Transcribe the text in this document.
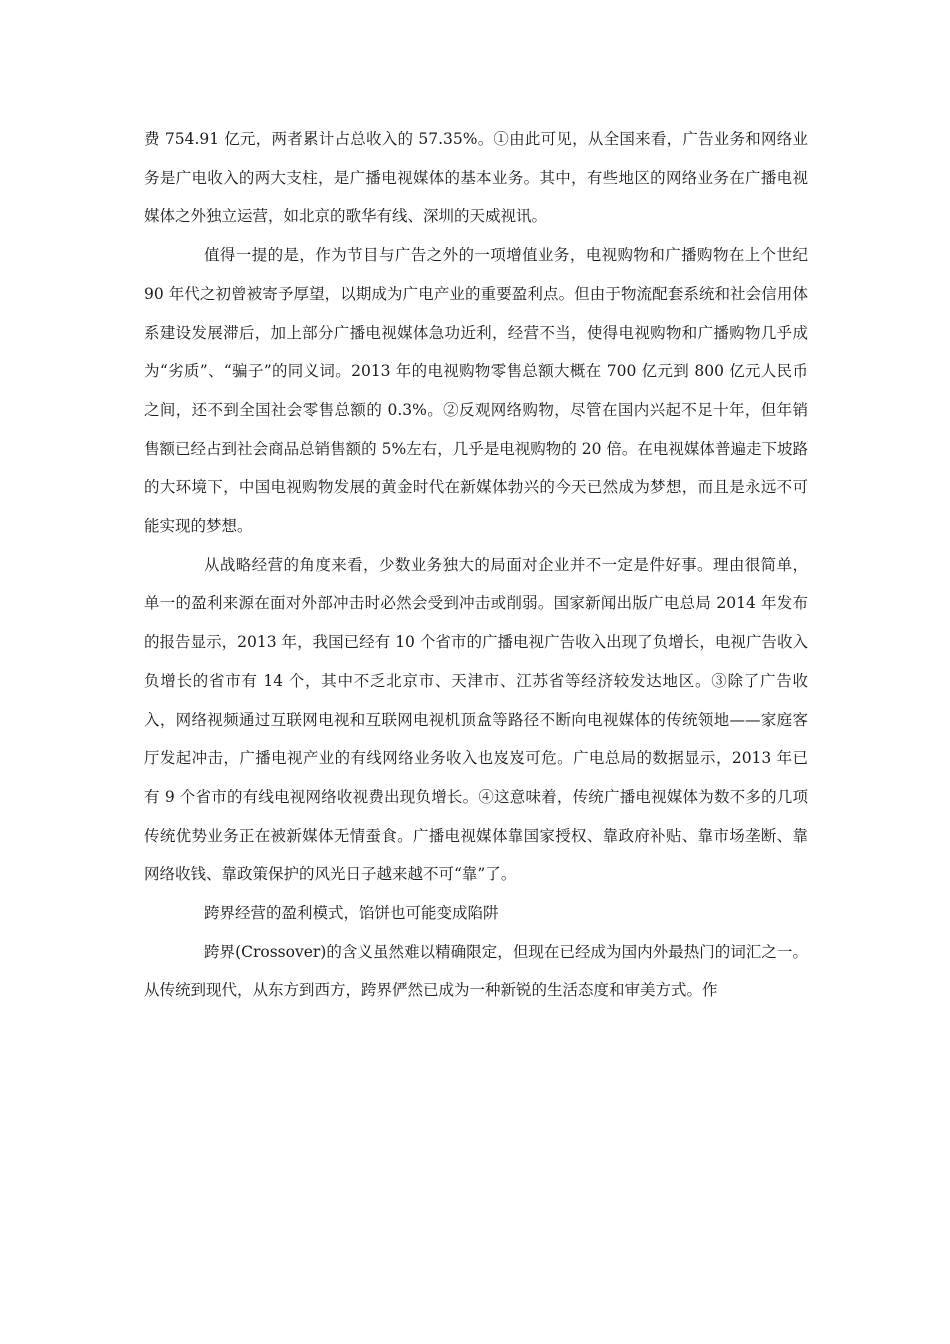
费 754.91 亿元，两者累计占总收入的 57.35%。①由此可见，从全国来看，广告业务和网络业务是广电收入的两大支柱，是广播电视媒体的基本业务。其中，有些地区的网络业务在广播电视媒体之外独立运营，如北京的歌华有线、深圳的天威视讯。

值得一提的是，作为节目与广告之外的一项增值业务，电视购物和广播购物在上个世纪 90 年代之初曾被寄予厚望，以期成为广电产业的重要盈利点。但由于物流配套系统和社会信用体系建设发展滞后，加上部分广播电视媒体急功近利，经营不当，使得电视购物和广播购物几乎成为“劣质”、“骗子”的同义词。2013 年的电视购物零售总额大概在 700 亿元到 800 亿元人民币之间，还不到全国社会零售总额的 0.3%。②反观网络购物，尽管在国内兴起不足十年，但年销售额已经占到社会商品总销售额的 5%左右，几乎是电视购物的 20 倍。在电视媒体普遍走下坡路的大环境下，中国电视购物发展的黄金时代在新媒体勃兴的今天已然成为梦想，而且是永远不可能实现的梦想。

从战略经营的角度来看，少数业务独大的局面对企业并不一定是件好事。理由很简单，单一的盈利来源在面对外部冲击时必然会受到冲击或削弱。国家新闻出版广电总局 2014 年发布的报告显示，2013 年，我国已经有 10 个省市的广播电视广告收入出现了负增长，电视广告收入负增长的省市有 14 个，其中不乏北京市、天津市、江苏省等经济较发达地区。③除了广告收入，网络视频通过互联网电视和互联网电视机顶盒等路径不断向电视媒体的传统领地——家庭客厅发起冲击，广播电视产业的有线网络业务收入也岌岌可危。广电总局的数据显示，2013 年已有 9 个省市的有线电视网络收视费出现负增长。④这意味着，传统广播电视媒体为数不多的几项传统优势业务正在被新媒体无情蚕食。广播电视媒体靠国家授权、靠政府补贴、靠市场垄断、靠网络收钱、靠政策保护的风光日子越来越不可“靠”了。

跨界经营的盈利模式，馅饼也可能变成陷阱

跨界(Crossover)的含义虽然难以精确限定，但现在已经成为国内外最热门的词汇之一。从传统到现代，从东方到西方，跨界俨然已成为一种新锐的生活态度和审美方式。作
